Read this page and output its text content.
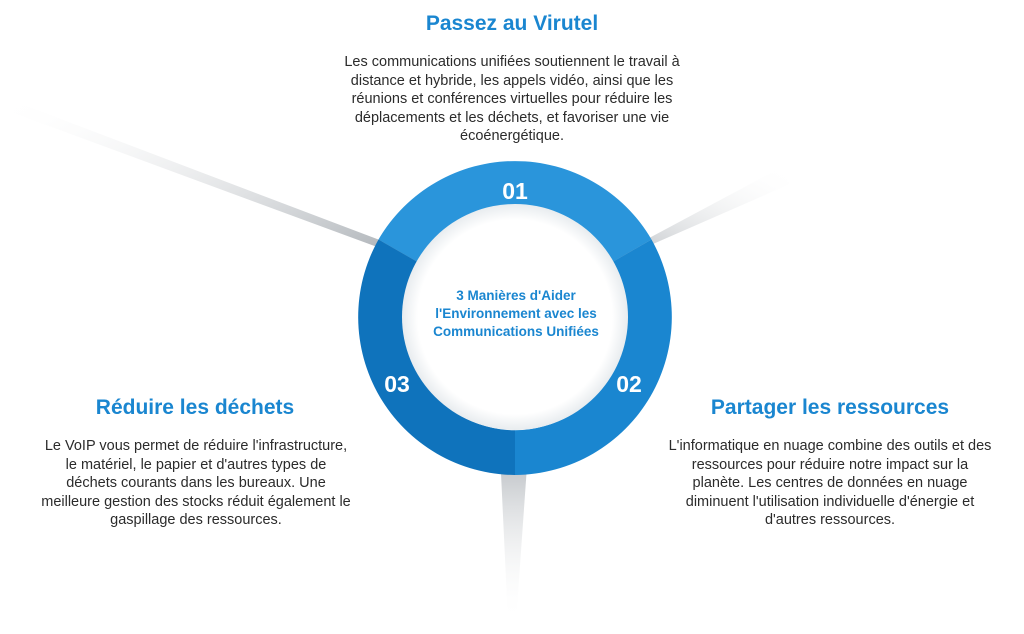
01
02
03
3 Manières d'Aider
l'Environnement avec les
Communications Unifiées
Passez au Virutel

Les communications unifiées soutiennent le travail à distance et hybride, les appels vidéo, ainsi que les réunions et conférences virtuelles pour réduire les déplacements et les déchets, et favoriser une vie écoénergétique.

Partager les ressources

L'informatique en nuage combine des outils et des ressources pour réduire notre impact sur la planète. Les centres de données en nuage diminuent l'utilisation individuelle d'énergie et d'autres ressources.

Réduire les déchets

Le VoIP vous permet de réduire l'infrastructure, le matériel, le papier et d'autres types de déchets courants dans les bureaux. Une meilleure gestion des stocks réduit également le gaspillage des ressources.
